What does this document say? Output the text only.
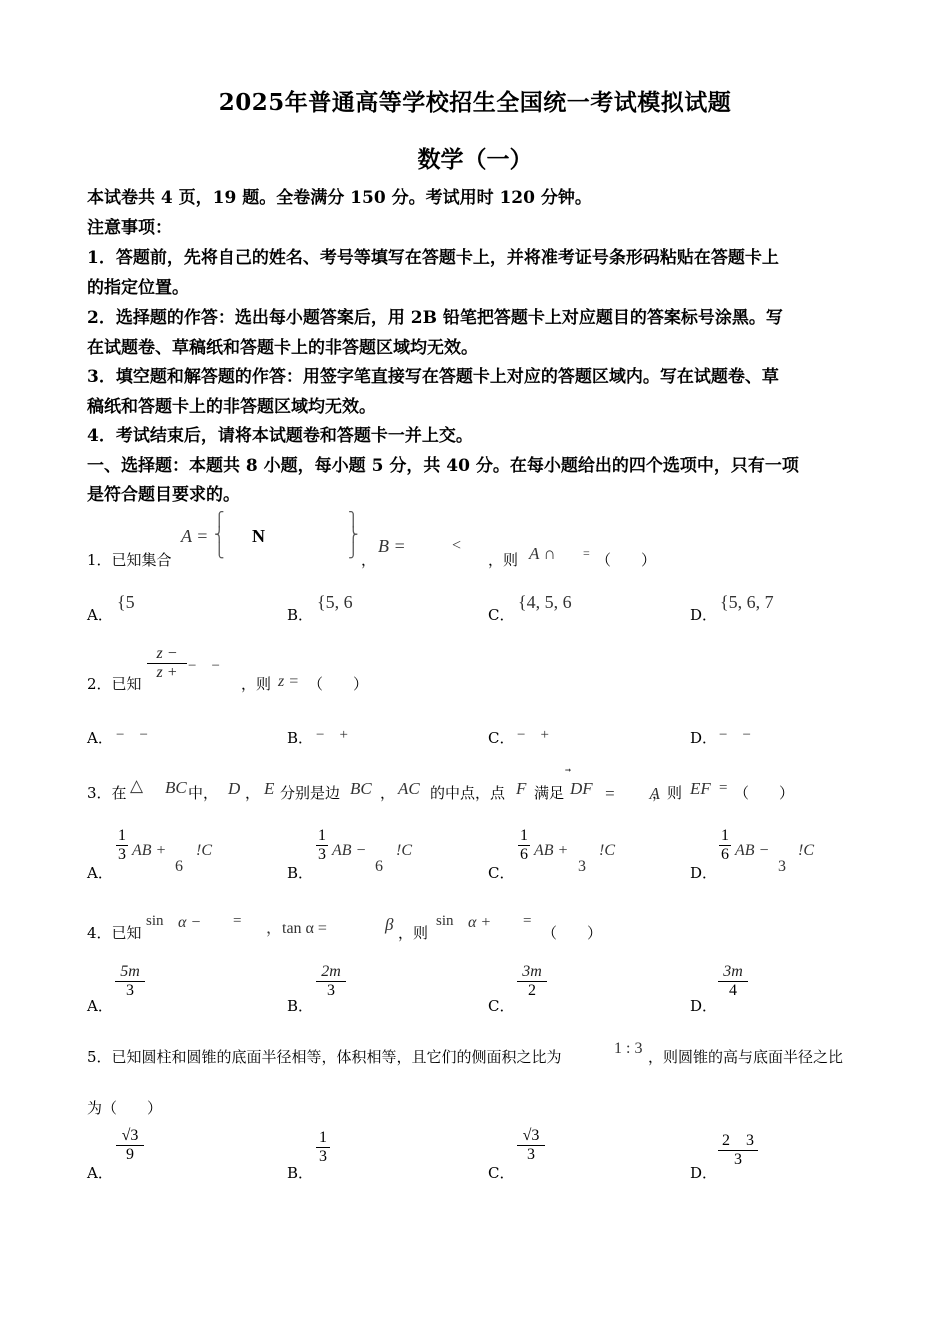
2025年普通高等学校招生全国统一考试模拟试题
数学（一）
本试卷共 4 页，19 题。全卷满分 150 分。考试用时 120 分钟。
注意事项：
1．答题前，先将自己的姓名、考号等填写在答题卡上，并将准考证号条形码粘贴在答题卡上
的指定位置。
2．选择题的作答：选出每小题答案后，用 2B 铅笔把答题卡上对应题目的答案标号涂黑。写
在试题卷、草稿纸和答题卡上的非答题区域均无效。
3．填空题和解答题的作答：用签字笔直接写在答题卡上对应的答题区域内。写在试题卷、草
稿纸和答题卡上的非答题区域均无效。
4．考试结束后，请将本试题卷和答题卡一并上交。
一、选择题：本题共 8 小题，每小题 5 分，共 40 分。在每小题给出的四个选项中，只有一项
是符合题目要求的。
1．已知集合
A =
⎧
⎨
⎩
N
⎫
⎬
⎭ ，
B =	<
，则 A ∩ = （　　）
A．
{5
B．
{5, 6
C．
{4, 5, 6
D．
{5, 6, 7
2．已知
z −
z + −　−
，则 z = （　　）
A． −　−	B． −　+	C． −　+	D． −　−
3．在 △ BC 中， D ， E 分别是边 BC ， AC 的中点，点 F 满足 DF =　　A
，则 EF = （　　）
A．
1
3 AB +
6
!C
B．
1
3 AB −
6
!C
C．
1
6 AB +
3
!C
D．
1
6 AB −
3
!C
4．已知
sin α − = ，tan α =	β ，则
sin α + =
（　　）
A．
5m
3
B．
2m
3
C．
3m
2
D．
3m
4
5．已知圆柱和圆锥的底面半径相等，体积相等，且它们的侧面积之比为	1 : 3 ，则圆锥的高与底面半径之比
为（　　）
A．
√3
9
B．
1
3
C．
√3
3
D．
2　3
3
